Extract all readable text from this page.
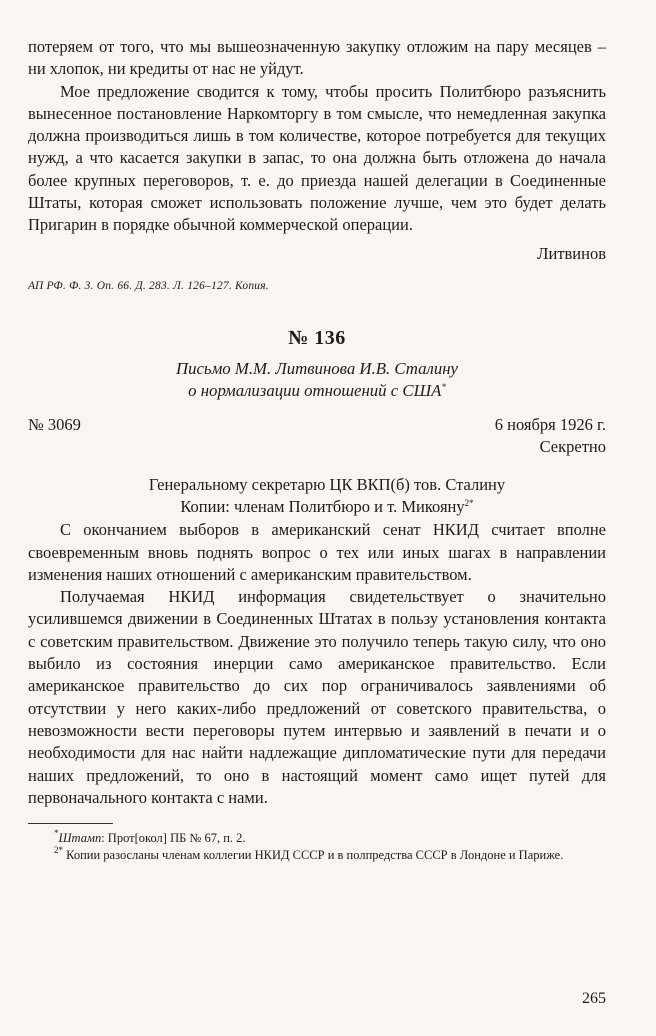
потеряем от того, что мы вышеозначенную закупку отложим на пару месяцев – ни хлопок, ни кредиты от нас не уйдут.

Мое предложение сводится к тому, чтобы просить Политбюро разъяснить вынесенное постановление Наркомторгу в том смысле, что немедленная закупка должна производиться лишь в том количестве, которое потребуется для текущих нужд, а что касается закупки в запас, то она должна быть отложена до начала более крупных переговоров, т. е. до приезда нашей делегации в Соединенные Штаты, которая сможет использовать положение лучше, чем это будет делать Пригарин в порядке обычной коммерческой операции.

Литвинов

АП РФ. Ф. 3. Оп. 66. Д. 283. Л. 126–127. Копия.

№ 136
Письмо М.М. Литвинова И.В. Сталину
о нормализации отношений с США*
№ 3069	6 ноября 1926 г.
Секретно
Генеральному секретарю ЦК ВКП(б) тов. Сталину
Копии: членам Политбюро и т. Микояну$^{2*}$

С окончанием выборов в американский сенат НКИД считает вполне своевременным вновь поднять вопрос о тех или иных шагах в направлении изменения наших отношений с американским правительством.

Получаемая НКИД информация свидетельствует о значительно усилившемся движении в Соединенных Штатах в пользу установления контакта с советским правительством. Движение это получило теперь такую силу, что оно выбило из состояния инерции само американское правительство. Если американское правительство до сих пор ограничивалось заявлениями об отсутствии у него каких-либо предложений от советского правительства, о невозможности вести переговоры путем интервью и заявлений в печати и о необходимости для нас найти надлежащие дипломатические пути для передачи наших предложений, то оно в настоящий момент само ищет путей для первоначального контакта с нами.

*Штамп: Прот[окол] ПБ № 67, п. 2.

$^{2*}$ Копии разосланы членам коллегии НКИД СССР и в полпредства СССР в Лондоне и Париже.

265
